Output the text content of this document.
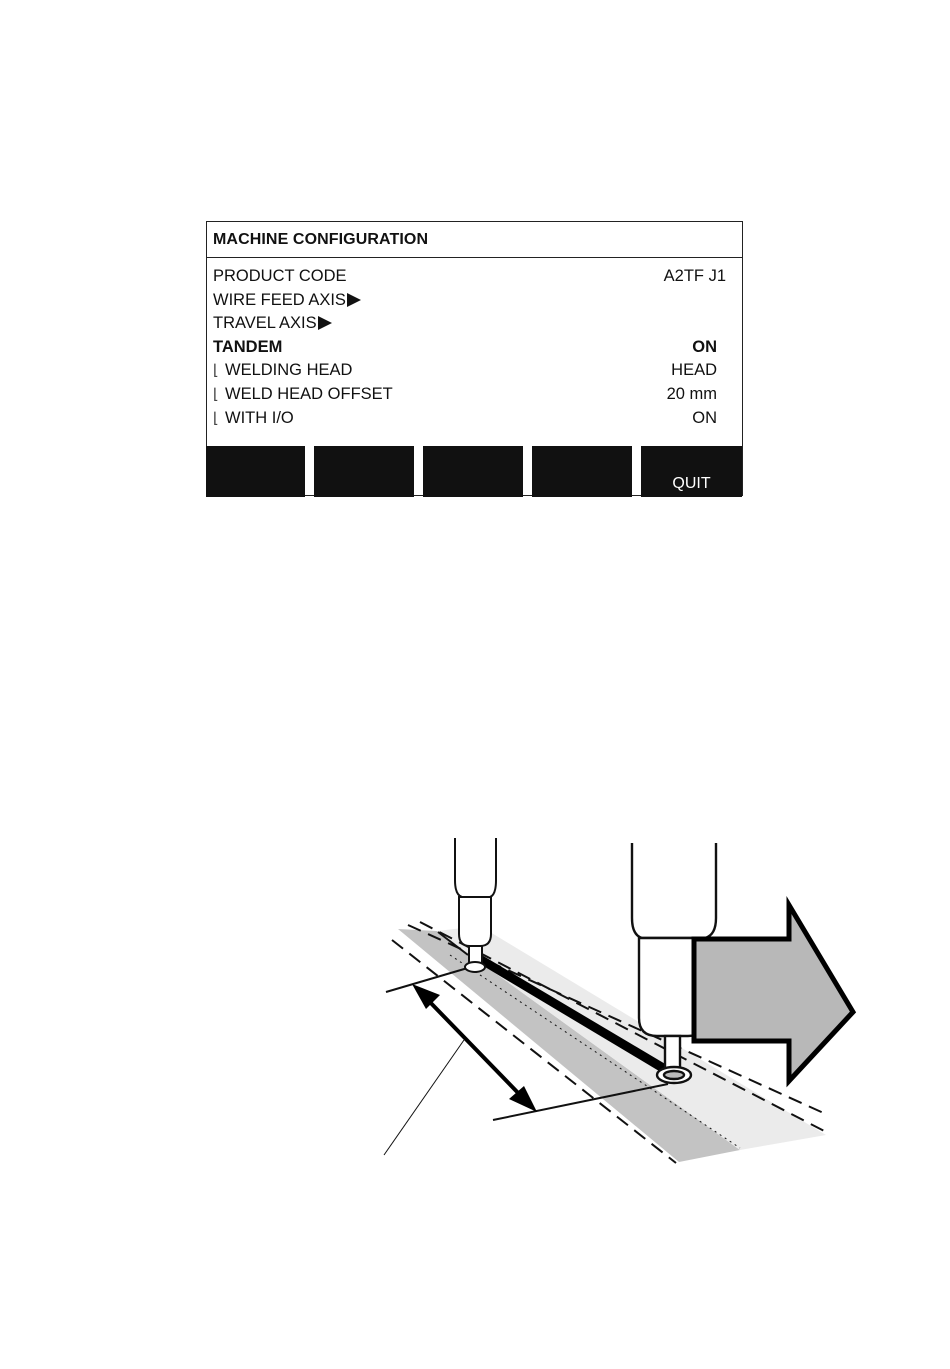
MACHINE CONFIGURATION
PRODUCT CODE	A2TF J1
WIRE FEED AXIS
TRAVEL AXIS
TANDEM	ON
⌊ WELDING HEAD	HEAD
⌊ WELD HEAD OFFSET	20 mm
⌊ WITH I/O	ON
QUIT
